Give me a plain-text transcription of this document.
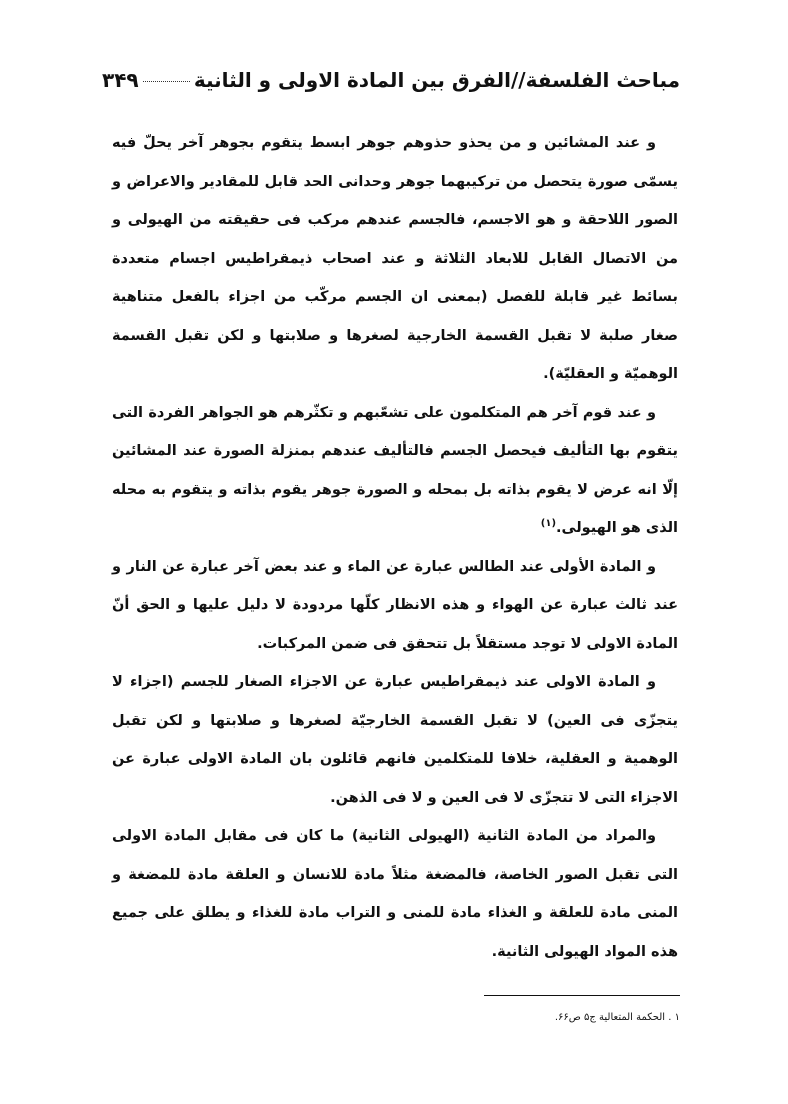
مباحث الفلسفة//الفرق بين المادة الاولى و الثانية
۳۴۹

و عند المشائين و من يحذو حذوهم جوهر ابسط يتقوم بجوهر آخر يحلّ فيه يسمّى صورة يتحصل من تركيبهما جوهر وحدانى الحد قابل للمقادير والاعراض و الصور اللاحقة و هو الاجسم، فالجسم عندهم مركب فى حقيقته من الهيولى و من الاتصال القابل للابعاد الثلاثة و عند اصحاب ذيمقراطيس اجسام متعددة بسائط غير قابلة للفصل (بمعنى ان الجسم مركّب من اجزاء بالفعل متناهية صغار صلبة لا تقبل القسمة الخارجية لصغرها و صلابتها و لكن تقبل القسمة الوهميّة و العقليّة).

و عند قوم آخر هم المتكلمون على تشعّبهم و تكثّرهم هو الجواهر الفردة التى يتقوم بها التأليف فيحصل الجسم فالتأليف عندهم بمنزلة الصورة عند المشائين إلّا انه عرض لا يقوم بذاته بل بمحله و الصورة جوهر يقوم بذاته و يتقوم به محله الذى هو الهيولى.$^{(۱)}$

و المادة الأولى عند الطالس عبارة عن الماء و عند بعض آخر عبارة عن النار و عند ثالث عبارة عن الهواء و هذه الانظار كلّها مردودة لا دليل عليها و الحق أنّ المادة الاولى لا توجد مستقلاً بل تتحقق فى ضمن المركبات.

و المادة الاولى عند ذيمقراطيس عبارة عن الاجزاء الصغار للجسم (اجزاء لا يتجزّى فى العين) لا تقبل القسمة الخارجيّة لصغرها و صلابتها و لكن تقبل الوهمية و العقلية، خلافا للمتكلمين فانهم قائلون بان المادة الاولى عبارة عن الاجزاء التى لا تتجزّى لا فى العين و لا فى الذهن.

والمراد من المادة الثانية (الهيولى الثانية) ما كان فى مقابل المادة الاولى التى تقبل الصور الخاصة، فالمضغة مثلاً مادة للانسان و العلقة مادة للمضغة و المنى مادة للعلقة و الغذاء مادة للمنى و التراب مادة للغذاء و يطلق على جميع هذه المواد الهيولى الثانية.

۱ . الحكمة المتعالية ج۵ ص۶۶.
